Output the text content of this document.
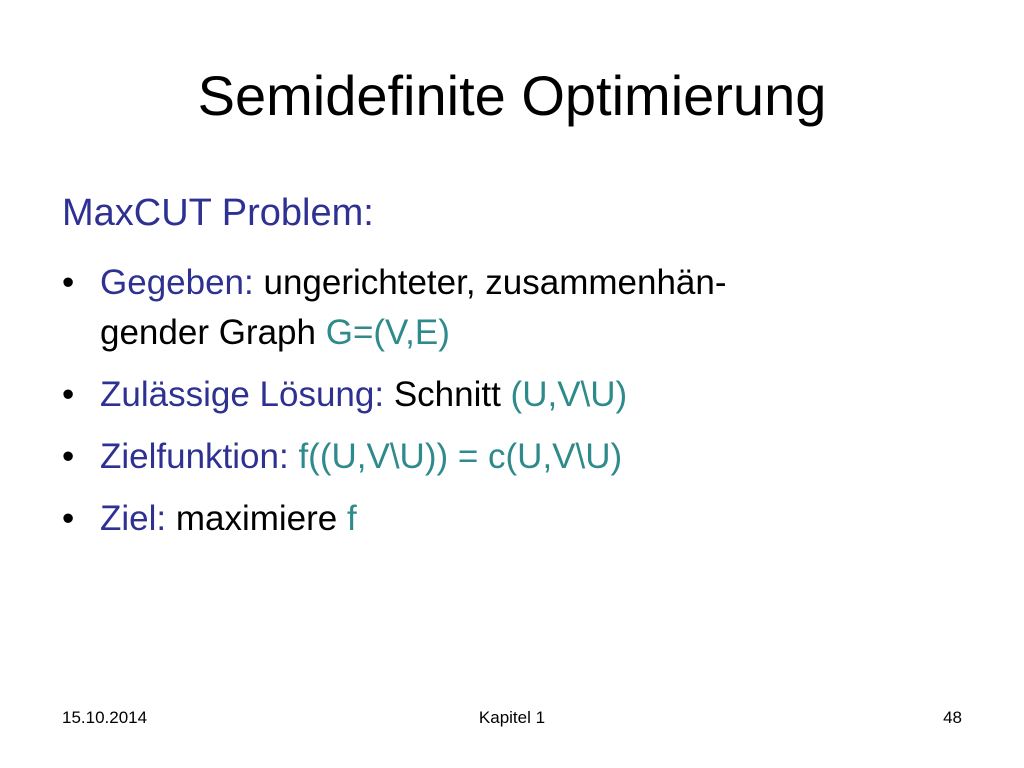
Semidefinite Optimierung
MaxCUT Problem:
• Gegeben: ungerichteter, zusammenhän-
gender Graph G=(V,E)
• Zulässige Lösung: Schnitt (U,V\U)
• Zielfunktion: f((U,V\U)) = c(U,V\U)
• Ziel: maximiere f
15.10.2014	Kapitel 1	48
